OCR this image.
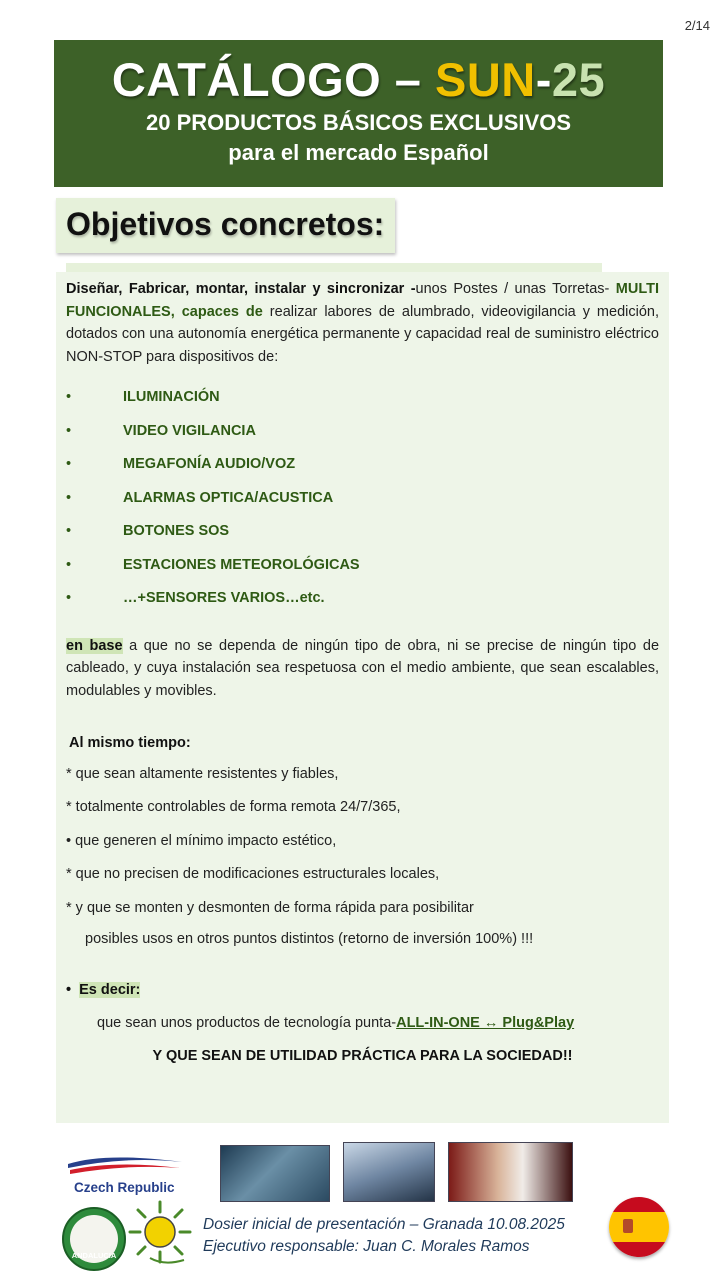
2/14
CATÁLOGO – SUN-25
20 PRODUCTOS BÁSICOS EXCLUSIVOS
para el mercado Español
Objetivos concretos:

Diseñar, Fabricar, montar, instalar y sincronizar -unos Postes / unas Torretas- MULTI FUNCIONALES, capaces de realizar labores de alumbrado, videovigilancia y medición, dotados con una autonomía energética permanente y capacidad real de suministro eléctrico NON-STOP para dispositivos de:

•	ILUMINACIÓN
•	VIDEO VIGILANCIA
•	MEGAFONÍA AUDIO/VOZ
•	ALARMAS OPTICA/ACUSTICA
•	BOTONES SOS
•	ESTACIONES METEOROLÓGICAS
•	…+SENSORES VARIOS…etc.

en base a que no se dependa de ningún tipo de obra, ni se precise de ningún tipo de cableado, y cuya instalación sea respetuosa con el medio ambiente, que sean escalables, modulables y movibles.

Al mismo tiempo:
* que sean altamente resistentes y fiables,
* totalmente controlables de forma remota 24/7/365,
• que generen el mínimo impacto estético,
* que no precisen de modificaciones estructurales locales,
* y que se monten y desmonten de forma rápida para posibilitar
posibles usos en otros puntos distintos (retorno de inversión 100%) !!!
• Es decir:
que sean unos productos de tecnología punta-ALL-IN-ONE ↔ Plug&Play
Y QUE SEAN DE UTILIDAD PRÁCTICA PARA LA SOCIEDAD!!
Czech Republic
ANDALUCIA
Dosier inicial de presentación – Granada 10.08.2025
Ejecutivo responsable: Juan C. Morales Ramos
